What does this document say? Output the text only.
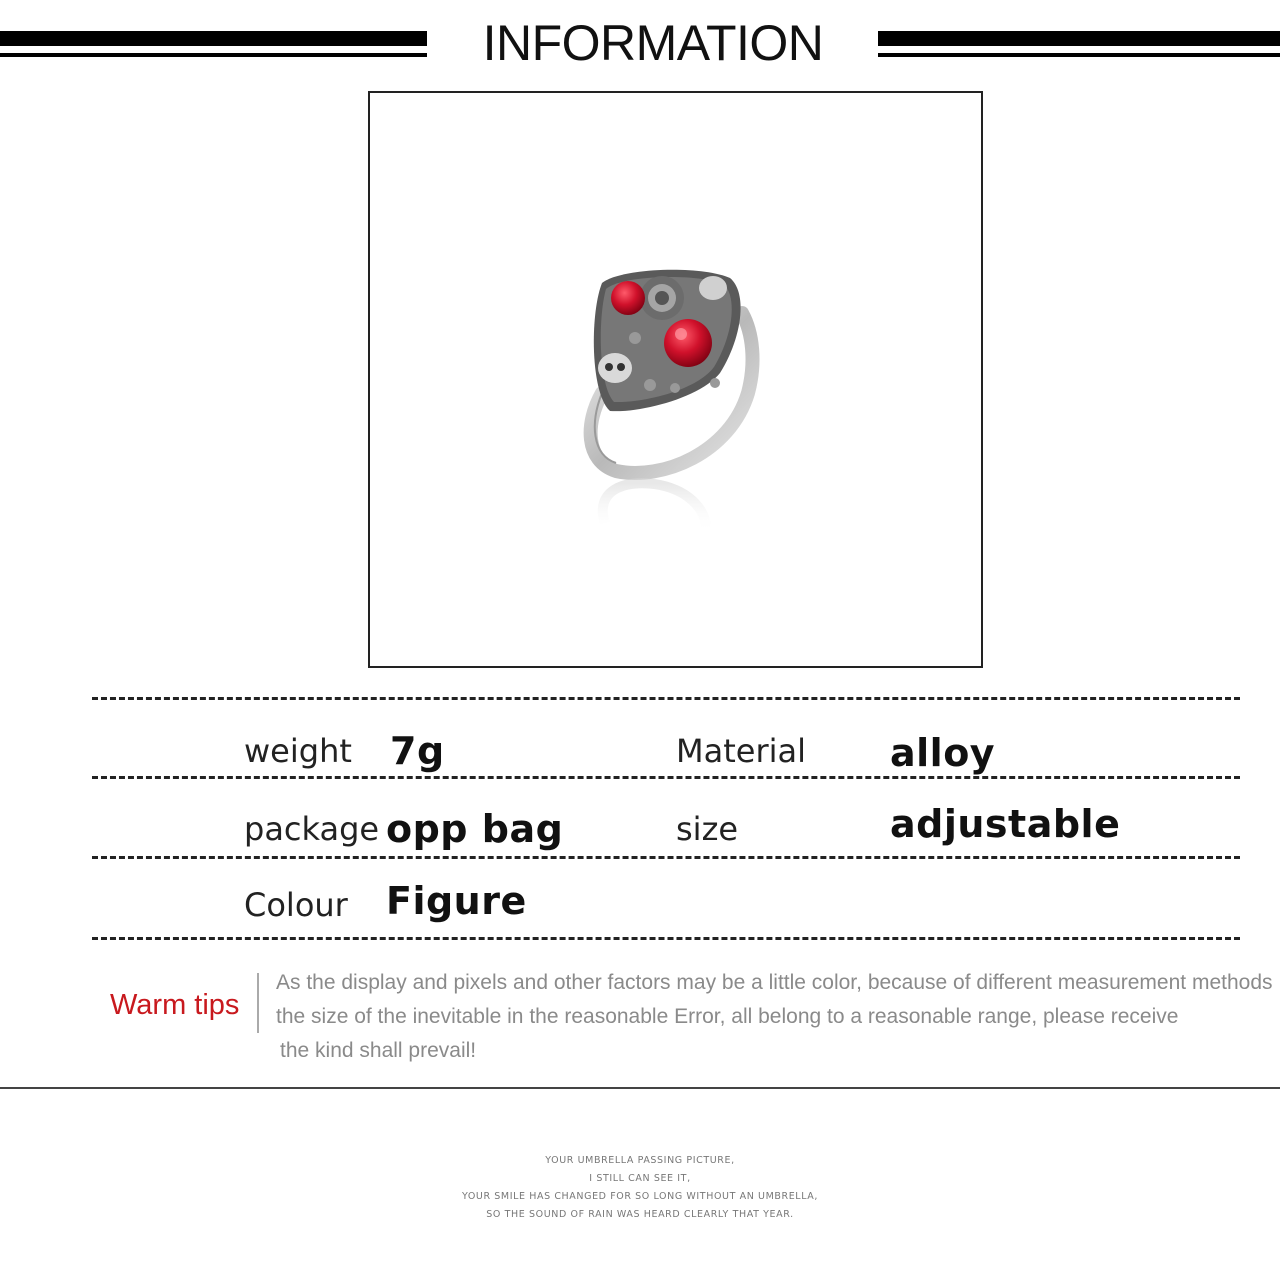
INFORMATION
weight 7g	Material alloy
package opp bag	size	adjustable
Colour Figure
Warm tips
As the display and pixels and other factors may be a little color, because of different measurement methods
the size of the inevitable in the reasonable Error, all belong to a reasonable range, please receive
the kind shall prevail!
YOUR UMBRELLA PASSING PICTURE,
I STILL CAN SEE IT,
YOUR SMILE HAS CHANGED FOR SO LONG WITHOUT AN UMBRELLA,
SO THE SOUND OF RAIN WAS HEARD CLEARLY THAT YEAR.
